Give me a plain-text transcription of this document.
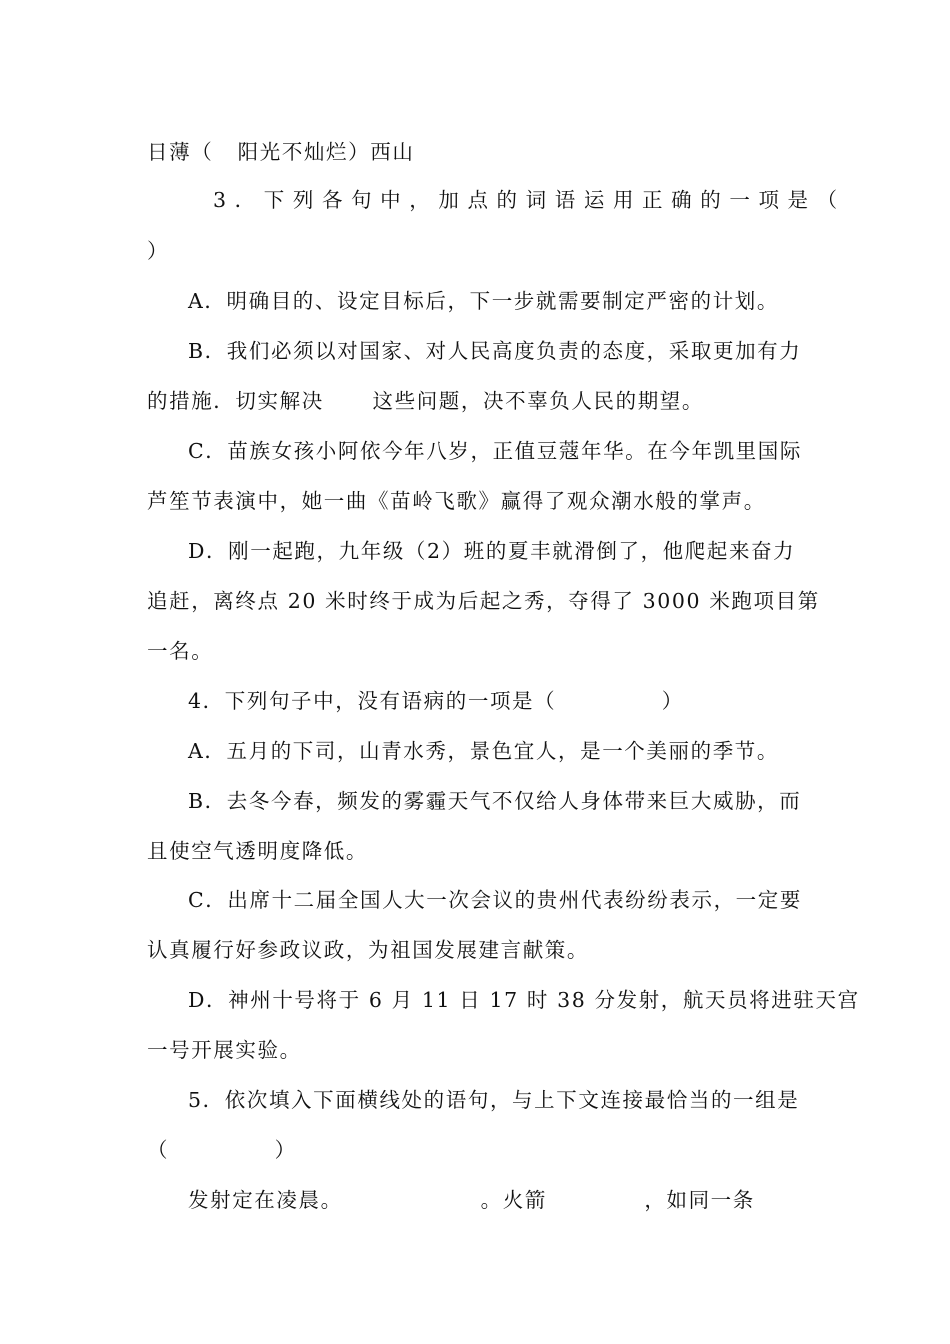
日薄（   阳光不灿烂）西山
3．下列各句中，加点的词语运用正确的一项是（
）
A．明确目的、设定目标后，下一步就需要制定严密的计划。
B．我们必须以对国家、对人民高度负责的态度，采取更加有力
的措施．切实解决      这些问题，决不辜负人民的期望。
C．苗族女孩小阿依今年八岁，正值豆蔻年华。在今年凯里国际
芦笙节表演中，她一曲《苗岭飞歌》赢得了观众潮水般的掌声。
D．刚一起跑，九年级（2）班的夏丰就滑倒了，他爬起来奋力
追赶，离终点 20 米时终于成为后起之秀，夺得了 3000 米跑项目第
一名。
4．下列句子中，没有语病的一项是（             ）
A．五月的下司，山青水秀，景色宜人，是一个美丽的季节。
B．去冬今春，频发的雾霾天气不仅给人身体带来巨大威胁，而
且使空气透明度降低。
C．出席十二届全国人大一次会议的贵州代表纷纷表示，一定要
认真履行好参政议政，为祖国发展建言献策。
D．神州十号将于 6 月 11 日 17 时 38 分发射，航天员将进驻天宫
一号开展实验。
5．依次填入下面横线处的语句，与上下文连接最恰当的一组是
（             ）
发射定在凌晨。                 。火箭            ，如同一条
